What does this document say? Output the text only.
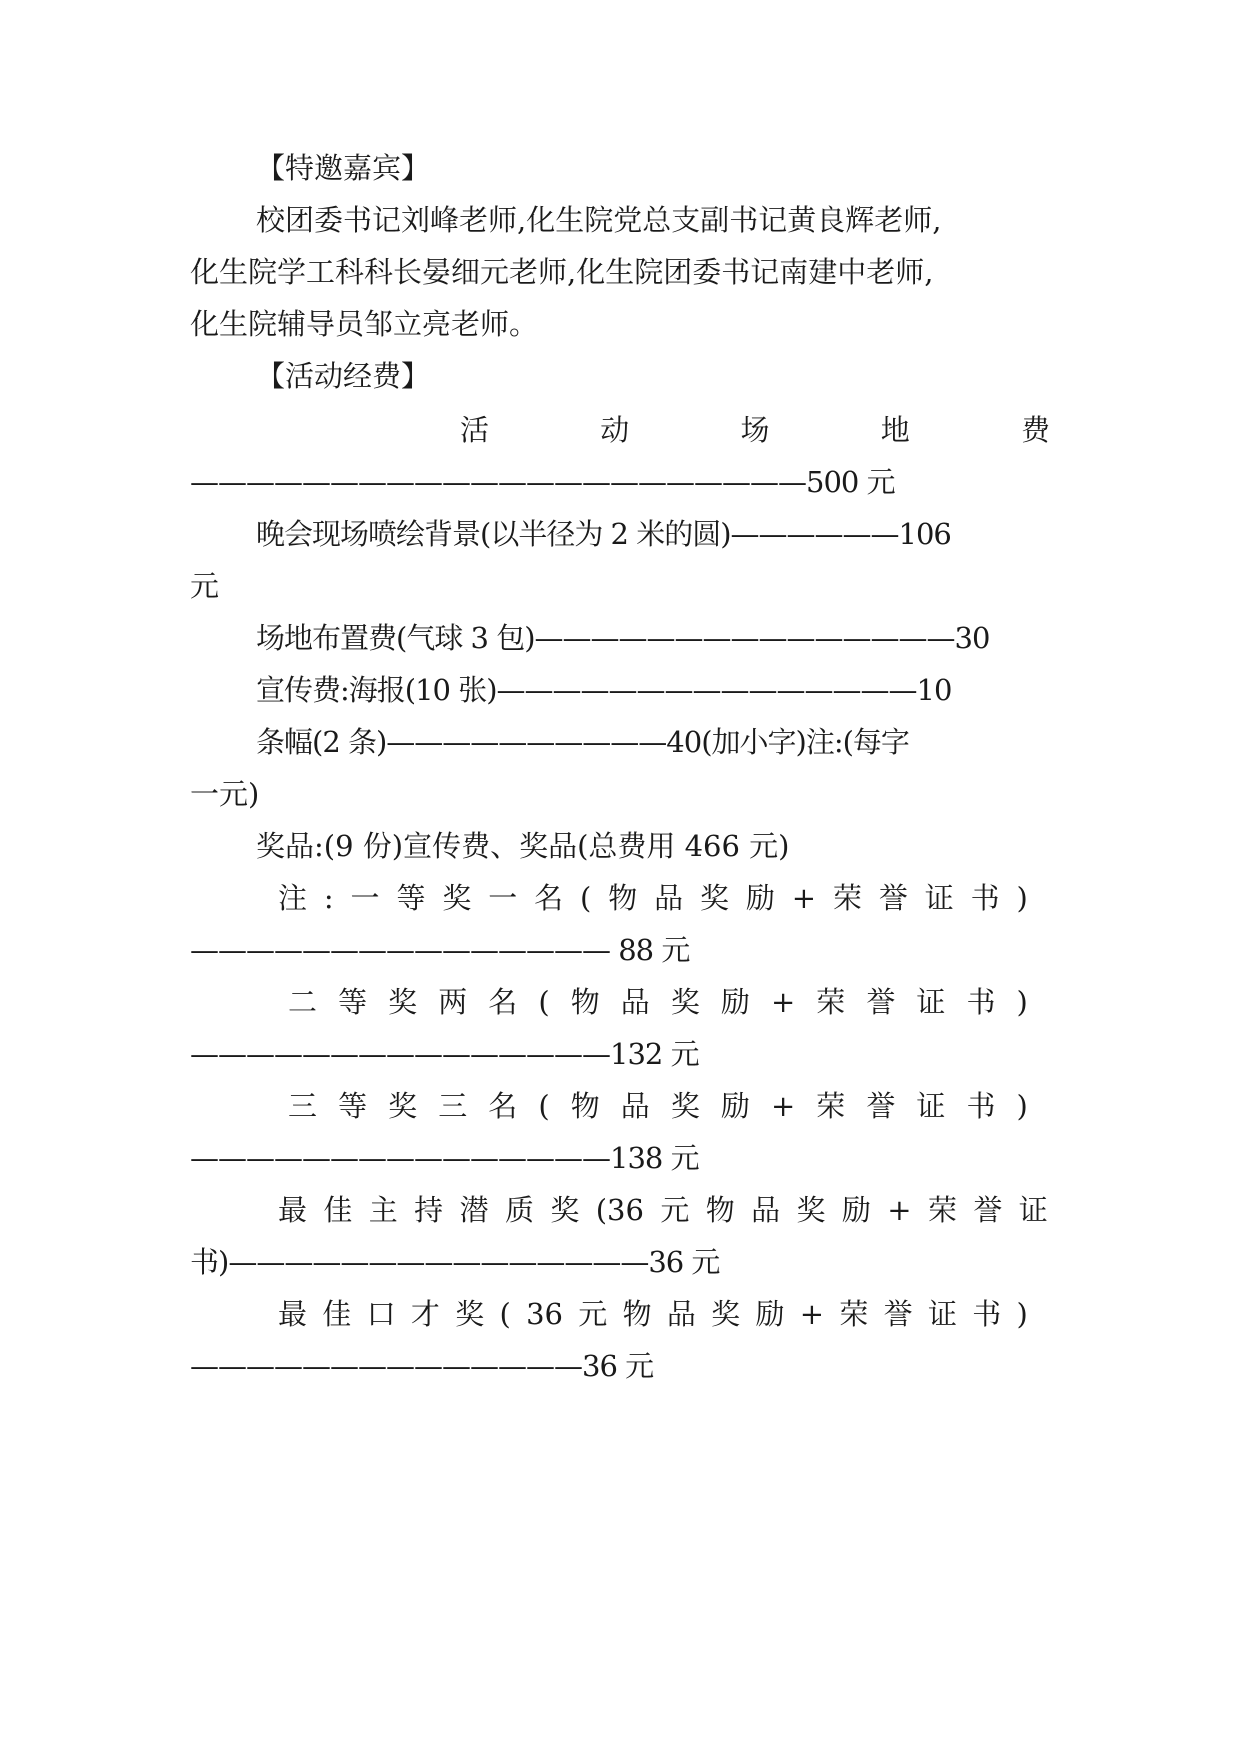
【特邀嘉宾】
校团委书记刘峰老师,化生院党总支副书记黄良辉老师,
化生院学工科科长晏细元老师,化生院团委书记南建中老师,
化生院辅导员邹立亮老师。
【活动经费】
活	动	场	地	费
——————————————————————500 元
晚会现场喷绘背景(以半径为 2 米的圆)——————106
元
场地布置费(气球 3 包)———————————————30
宣传费:海报(10 张)———————————————10
条幅(2 条)——————————40(加小字)注:(每字
一元)
奖品:(9 份)宣传费、奖品(总费用 466 元)
注 : 一 等 奖 一 名 ( 物 品 奖 励 + 荣 誉 证 书 )
——————————————— 88 元
二 等 奖 两 名 ( 物 品 奖 励 + 荣 誉 证 书 )
———————————————132 元
三 等 奖 三 名 ( 物 品 奖 励 + 荣 誉 证 书 )
———————————————138 元
最 佳 主 持 潜 质 奖 (36 元 物 品 奖 励 + 荣 誉 证
书)———————————————36 元
最 佳 口 才 奖 ( 36 元 物 品 奖 励 + 荣 誉 证 书 )
——————————————36 元
